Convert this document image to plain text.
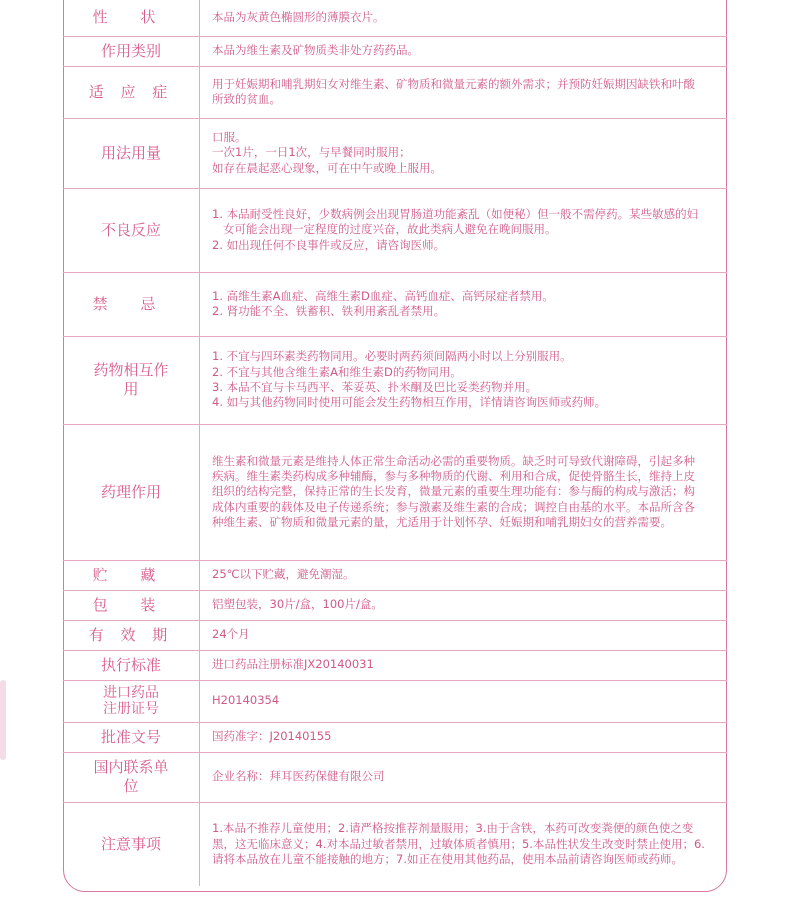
性 状	本品为灰黄色椭圆形的薄膜衣片。

作用类别	本品为维生素及矿物质类非处方药药品。

适 应 症	用于妊娠期和哺乳期妇女对维生素、矿物质和微量元素的额外需求；并预防妊娠期因缺铁和叶酸所致的贫血。

用法用量	口服。
一次1片，一日1次，与早餐同时服用；
如存在晨起恶心现象，可在中午或晚上服用。

不良反应	1. 本品耐受性良好，少数病例会出现胃肠道功能紊乱（如便秘）但一般不需停药。某些敏感的妇女可能会出现一定程度的过度兴奋，故此类病人避免在晚间服用。
2. 如出现任何不良事件或反应，请咨询医师。

禁 忌	1. 高维生素A血症、高维生素D血症、高钙血症、高钙尿症者禁用。
2. 肾功能不全、铁蓄积、铁利用紊乱者禁用。

药物相互作用	1. 不宜与四环素类药物同用。必要时两药须间隔两小时以上分别服用。
2. 不宜与其他含维生素A和维生素D的药物同用。
3. 本品不宜与卡马西平、苯妥英、扑米酮及巴比妥类药物并用。
4. 如与其他药物同时使用可能会发生药物相互作用，详情请咨询医师或药师。

药理作用	维生素和微量元素是维持人体正常生命活动必需的重要物质。缺乏时可导致代谢障碍，引起多种疾病。维生素类药构成多种辅酶，参与多种物质的代谢、利用和合成，促使骨骼生长，维持上皮组织的结构完整，保持正常的生长发育，微量元素的重要生理功能有：参与酶的构成与激活；构成体内重要的载体及电子传递系统；参与激素及维生素的合成；调控自由基的水平。本品所含各种维生素、矿物质和微量元素的量，尤适用于计划怀孕、妊娠期和哺乳期妇女的营养需要。

贮 藏	25℃以下贮藏，避免潮湿。

包 装	铝塑包装，30片/盒，100片/盒。

有 效 期	24个月

执行标准	进口药品注册标准JX20140031

进口药品注册证号	H20140354

批准文号	国药准字：J20140155

国内联系单位	企业名称：拜耳医药保健有限公司

注意事项	1.本品不推荐儿童使用；2.请严格按推荐剂量服用；3.由于含铁，本药可改变粪便的颜色使之变黑，这无临床意义；4.对本品过敏者禁用，过敏体质者慎用；5.本品性状发生改变时禁止使用；6.请将本品放在儿童不能接触的地方；7.如正在使用其他药品，使用本品前请咨询医师或药师。
